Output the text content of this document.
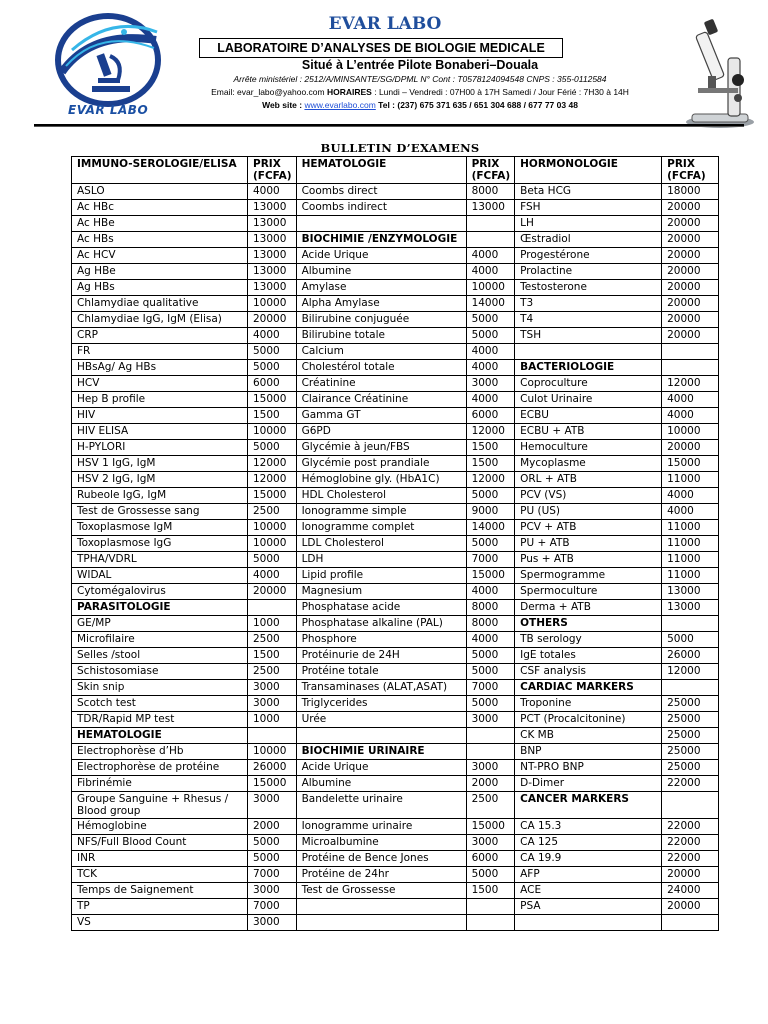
EVAR LABO
EVAR LABO
LABORATOIRE D’ANALYSES DE BIOLOGIE MEDICALE
Situé à L’entrée Pilote Bonaberi–Douala
Arrête ministériel : 2512/A/MINSANTE/SG/DPML N° Cont : T0578124094548 CNPS : 355-0112584
Email: evar_labo@yahoo.com HORAIRES : Lundi – Vendredi : 07H00 à 17H Samedi / Jour Férié : 7H30 à 14H
Web site : www.evarlabo.com Tel : (237) 675 371 635 / 651 304 688 / 677 77 03 48
BULLETIN D’EXAMENS
IMMUNO-SEROLOGIE/ELISA	PRIX (FCFA)	HEMATOLOGIE	PRIX (FCFA)	HORMONOLOGIE	PRIX (FCFA)
ASLO	4000	Coombs direct	8000	Beta HCG	18000
Ac HBc	13000	Coombs indirect	13000	FSH	20000
Ac HBe	13000			LH	20000
Ac HBs	13000	BIOCHIMIE /ENZYMOLOGIE		Œstradiol	20000
Ac HCV	13000	Acide Urique	4000	Progestérone	20000
Ag HBe	13000	Albumine	4000	Prolactine	20000
Ag HBs	13000	Amylase	10000	Testosterone	20000
Chlamydiae qualitative	10000	Alpha Amylase	14000	T3	20000
Chlamydiae IgG, IgM (Elisa)	20000	Bilirubine conjuguée	5000	T4	20000
CRP	4000	Bilirubine totale	5000	TSH	20000
FR	5000	Calcium	4000		
HBsAg/ Ag HBs	5000	Cholestérol totale	4000	BACTERIOLOGIE	
HCV	6000	Créatinine	3000	Coproculture	12000
Hep B profile	15000	Clairance Créatinine	4000	Culot Urinaire	4000
HIV	1500	Gamma GT	6000	ECBU	4000
HIV ELISA	10000	G6PD	12000	ECBU + ATB	10000
H-PYLORI	5000	Glycémie à jeun/FBS	1500	Hemoculture	20000
HSV 1 IgG, IgM	12000	Glycémie post prandiale	1500	Mycoplasme	15000
HSV 2 IgG, IgM	12000	Hémoglobine gly. (HbA1C)	12000	ORL + ATB	11000
Rubeole IgG, IgM	15000	HDL Cholesterol	5000	PCV (VS)	4000
Test de Grossesse sang	2500	Ionogramme simple	9000	PU (US)	4000
Toxoplasmose IgM	10000	Ionogramme complet	14000	PCV + ATB	11000
Toxoplasmose IgG	10000	LDL Cholesterol	5000	PU + ATB	11000
TPHA/VDRL	5000	LDH	7000	Pus + ATB	11000
WIDAL	4000	Lipid profile	15000	Spermogramme	11000
Cytomégalovirus	20000	Magnesium	4000	Spermoculture	13000
PARASITOLOGIE		Phosphatase acide	8000	Derma + ATB	13000
GE/MP	1000	Phosphatase alkaline (PAL)	8000	OTHERS	
Microfilaire	2500	Phosphore	4000	TB serology	5000
Selles /stool	1500	Protéinurie de 24H	5000	IgE totales	26000
Schistosomiase	2500	Protéine totale	5000	CSF analysis	12000
Skin snip	3000	Transaminases (ALAT,ASAT)	7000	CARDIAC MARKERS	
Scotch test	3000	Triglycerides	5000	Troponine	25000
TDR/Rapid MP test	1000	Urée	3000	PCT (Procalcitonine)	25000
HEMATOLOGIE				CK MB	25000
Electrophorèse d’Hb	10000	BIOCHIMIE URINAIRE		BNP	25000
Electrophorèse de protéine	26000	Acide Urique	3000	NT-PRO BNP	25000
Fibrinémie	15000	Albumine	2000	D-Dimer	22000
Groupe Sanguine + Rhesus / Blood group	3000	Bandelette urinaire	2500	CANCER MARKERS	
Hémoglobine	2000	Ionogramme urinaire	15000	CA 15.3	22000
NFS/Full Blood Count	5000	Microalbumine	3000	CA 125	22000
INR	5000	Protéine de Bence Jones	6000	CA 19.9	22000
TCK	7000	Protéine de 24hr	5000	AFP	20000
Temps de Saignement	3000	Test de Grossesse	1500	ACE	24000
TP	7000			PSA	20000
VS	3000				
